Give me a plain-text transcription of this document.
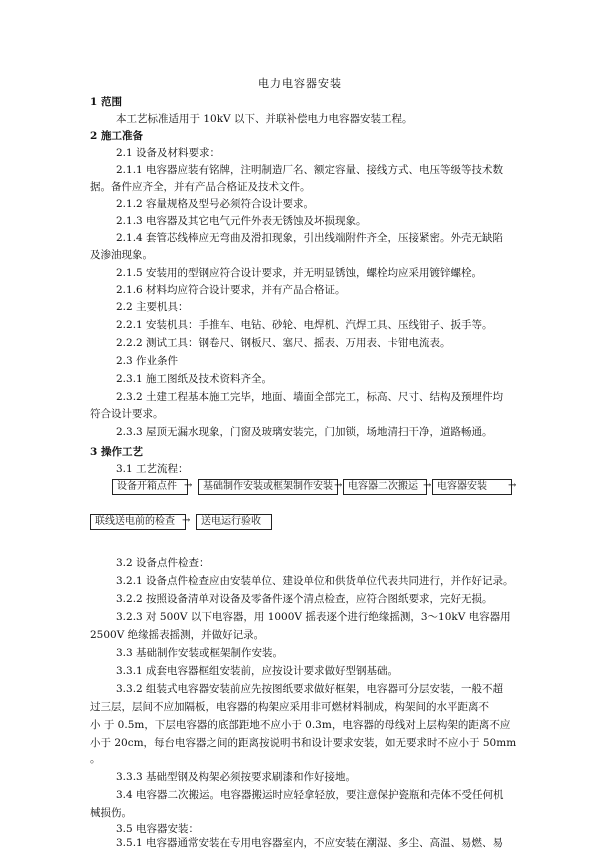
电力电容器安装
1 范围
本工艺标准适用于 10kV 以下、并联补偿电力电容器安装工程。
2 施工准备
2.1 设备及材料要求：
2.1.1 电容器应装有铭牌，注明制造厂名、额定容量、接线方式、电压等级等技术数
据。备件应齐全，并有产品合格证及技术文件。
2.1.2 容量规格及型号必须符合设计要求。
2.1.3 电容器及其它电气元件外表无锈蚀及坏损现象。
2.1.4 套管芯线棒应无弯曲及滑扣现象，引出线端附件齐全，压接紧密。外壳无缺陷
及渗油现象。
2.1.5 安装用的型钢应符合设计要求，并无明显锈蚀，螺栓均应采用镀锌螺栓。
2.1.6 材料均应符合设计要求，并有产品合格证。
2.2 主要机具：
2.2.1 安装机具：手推车、电钻、砂轮、电焊机、汽焊工具、压线钳子、扳手等。
2.2.2 测试工具：钢卷尺、钢板尺、塞尺、摇表、万用表、卡钳电流表。
2.3 作业条件
2.3.1 施工图纸及技术资料齐全。
2.3.2 土建工程基本施工完毕，地面、墙面全部完工，标高、尺寸、结构及预埋件均
符合设计要求。
2.3.3 屋顶无漏水现象，门窗及玻璃安装完，门加锁，场地清扫干净，道路畅通。
3 操作工艺
3.1 工艺流程：
设备开箱点件 →	基础制作安装或框架制作安装 → 电容器二次搬运 → 电容器安装	→
联线送电前的检查 →	送电运行验收
3.2 设备点件检查：
3.2.1 设备点件检查应由安装单位、建设单位和供货单位代表共同进行，并作好记录。
3.2.2 按照设备清单对设备及零备件逐个清点检查，应符合图纸要求，完好无损。
3.2.3 对 500V 以下电容器，用 1000V 摇表逐个进行绝缘摇测，3～10kV 电容器用
2500V 绝缘摇表摇测，并做好记录。
3.3 基础制作安装或框架制作安装。
3.3.1 成套电容器框组安装前，应按设计要求做好型钢基础。
3.3.2 组装式电容器安装前应先按图纸要求做好框架，电容器可分层安装，一般不超
过三层，层间不应加隔板，电容器的构架应采用非可燃材料制成，构架间的水平距离不
小 于 0.5m，下层电容器的底部距地不应小于 0.3m，电容器的母线对上层构架的距离不应
小于 20cm，每台电容器之间的距离按说明书和设计要求安装，如无要求时不应小于 50mm
。
3.3.3 基础型钢及构架必须按要求刷漆和作好接地。
3.4 电容器二次搬运。电容器搬运时应轻拿轻放，要注意保护瓷瓶和壳体不受任何机
械损伤。
3.5 电容器安装：
3.5.1 电容器通常安装在专用电容器室内，不应安装在潮湿、多尘、高温、易燃、易
